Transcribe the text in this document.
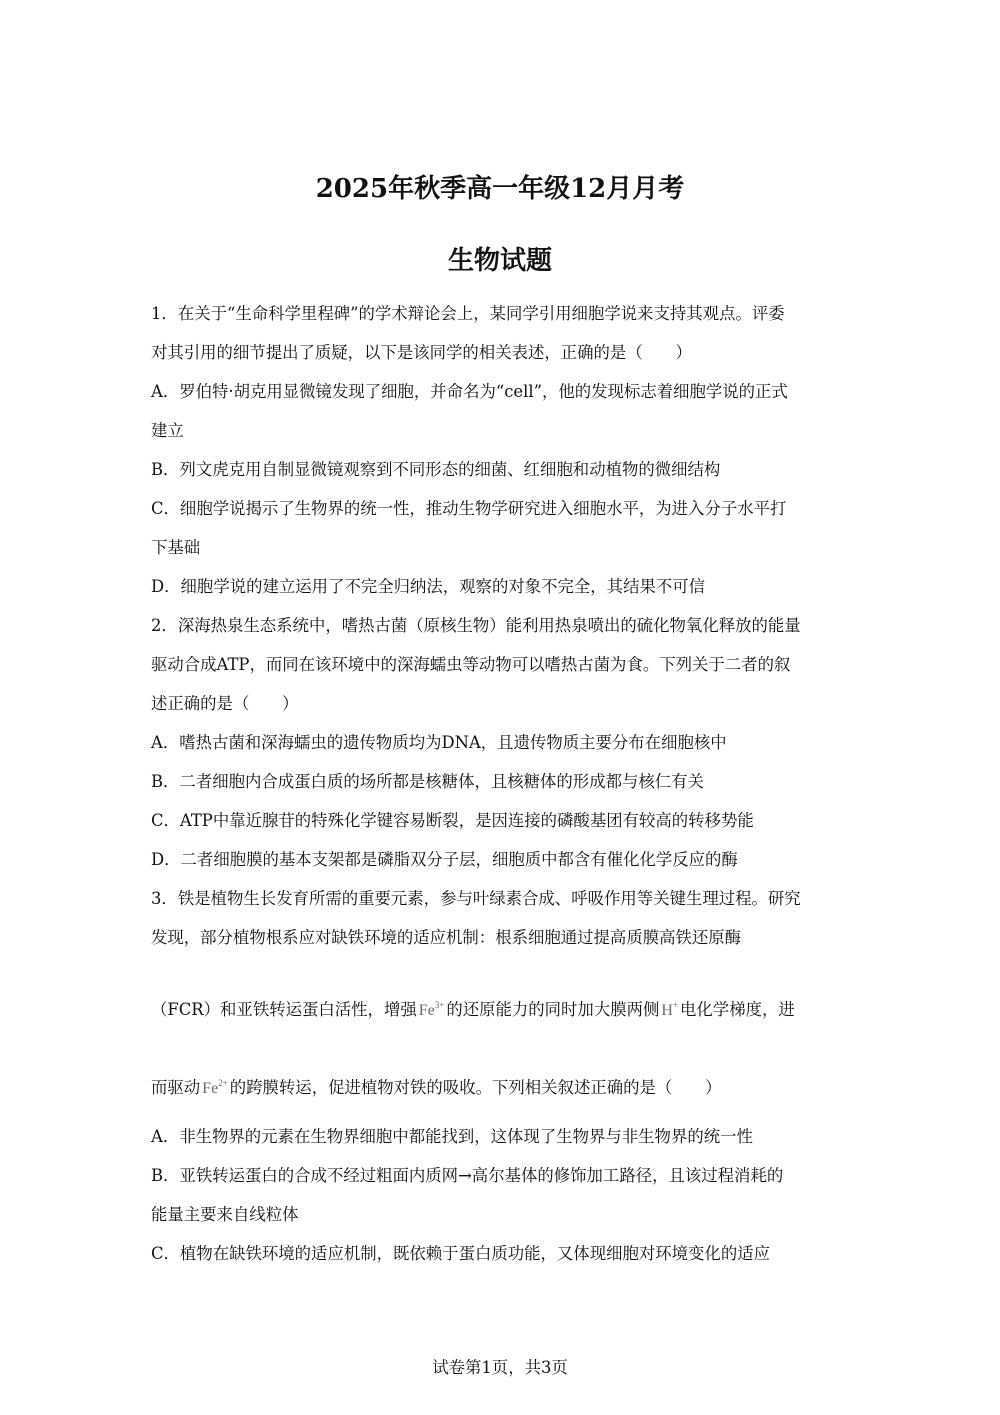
2025年秋季高一年级12月月考
生物试题
1．在关于“生命科学里程碑”的学术辩论会上，某同学引用细胞学说来支持其观点。评委
对其引用的细节提出了质疑，以下是该同学的相关表述，正确的是（　　）
A．罗伯特·胡克用显微镜发现了细胞，并命名为“cell”，他的发现标志着细胞学说的正式
建立
B．列文虎克用自制显微镜观察到不同形态的细菌、红细胞和动植物的微细结构
C．细胞学说揭示了生物界的统一性，推动生物学研究进入细胞水平，为进入分子水平打
下基础
D．细胞学说的建立运用了不完全归纳法，观察的对象不完全，其结果不可信
2．深海热泉生态系统中，嗜热古菌（原核生物）能利用热泉喷出的硫化物氧化释放的能量
驱动合成ATP，而同在该环境中的深海蠕虫等动物可以嗜热古菌为食。下列关于二者的叙
述正确的是（　　）
A．嗜热古菌和深海蠕虫的遗传物质均为DNA，且遗传物质主要分布在细胞核中
B．二者细胞内合成蛋白质的场所都是核糖体，且核糖体的形成都与核仁有关
C．ATP中靠近腺苷的特殊化学键容易断裂，是因连接的磷酸基团有较高的转移势能
D．二者细胞膜的基本支架都是磷脂双分子层，细胞质中都含有催化化学反应的酶
3．铁是植物生长发育所需的重要元素，参与叶绿素合成、呼吸作用等关键生理过程。研究
发现，部分植物根系应对缺铁环境的适应机制：根系细胞通过提高质膜高铁还原酶
（FCR）和亚铁转运蛋白活性，增强 $Fe^{3+}$ 的还原能力的同时加大膜两侧 H+ 电化学梯度，进
而驱动 $Fe^{2+}$ 的跨膜转运，促进植物对铁的吸收。下列相关叙述正确的是（　　）
A．非生物界的元素在生物界细胞中都能找到，这体现了生物界与非生物界的统一性
B．亚铁转运蛋白的合成不经过粗面内质网→高尔基体的修饰加工路径，且该过程消耗的
能量主要来自线粒体
C．植物在缺铁环境的适应机制，既依赖于蛋白质功能，又体现细胞对环境变化的适应
试卷第1页，共3页
